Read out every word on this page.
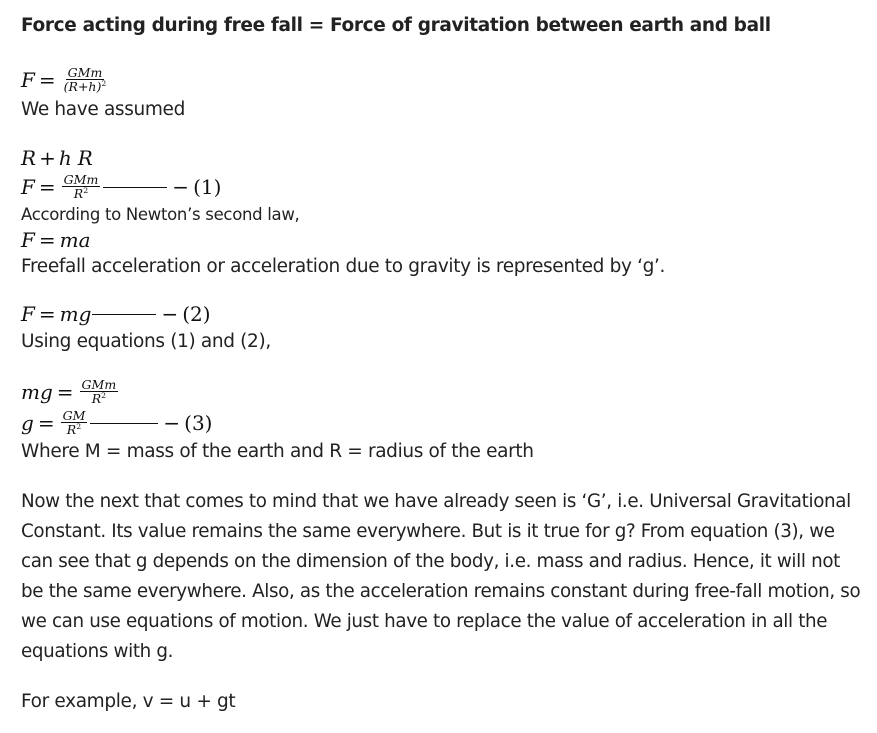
Force acting during free fall = Force of gravitation between earth and ball

$F = \frac{\text{GMm}}{(R+h)^2}$

We have assumed

R + h R
$F = \frac{\text{GMm}}{R^2}$	− (1)

According to Newton’s second law,

F = ma

Freefall acceleration or acceleration due to gravity is represented by ‘g’.

F = mg	− (2)

Using equations (1) and (2),

mg = $\frac{\text{GMm}}{R^2}$
$g = \frac{GM}{R^2}$	− (3)

Where M = mass of the earth and R = radius of the earth

Now the next that comes to mind that we have already seen is ‘G’, i.e. Universal Gravitational Constant. Its value remains the same everywhere. But is it true for g? From equation (3), we can see that g depends on the dimension of the body, i.e. mass and radius. Hence, it will not be the same everywhere. Also, as the acceleration remains constant during free-fall motion, so we can use equations of motion. We just have to replace the value of acceleration in all the equations with g.

For example, v = u + gt
